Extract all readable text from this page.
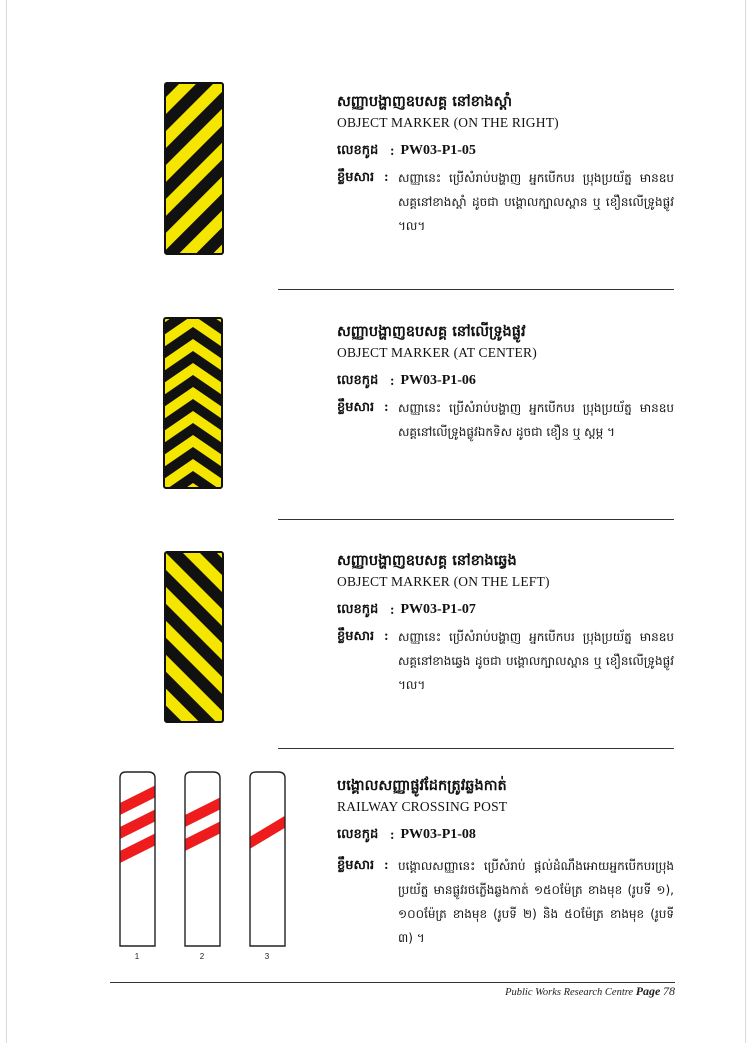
សញ្ញាបង្ហាញឧបសគ្គ នៅខាងស្តាំ
OBJECT MARKER (ON THE RIGHT)
លេខកូដ : PW03-P1-05
ខ្លឹមសារ : សញ្ញានេះ ប្រើសំរាប់បង្ហាញ អ្នកបើកបរ ប្រុងប្រយ័ត្ន មានឧបសគ្គនៅខាងស្តាំ ដូចជា បង្គោលក្បាលស្ពាន ឬ ខឿនលើទ្រូងផ្លូវ ។ល។
សញ្ញាបង្ហាញឧបសគ្គ នៅលើទ្រូងផ្លូវ
OBJECT MARKER (AT CENTER)
លេខកូដ : PW03-P1-06
ខ្លឹមសារ : សញ្ញានេះ ប្រើសំរាប់បង្ហាញ អ្នកបើកបរ ប្រុងប្រយ័ត្ន មានឧបសគ្គនៅលើទ្រូងផ្លូវឯកទិស ដូចជា ខឿន ឬ ស្តម្ភ ។
សញ្ញាបង្ហាញឧបសគ្គ នៅខាងឆ្វេង
OBJECT MARKER (ON THE LEFT)
លេខកូដ : PW03-P1-07
ខ្លឹមសារ : សញ្ញានេះ ប្រើសំរាប់បង្ហាញ អ្នកបើកបរ ប្រុងប្រយ័ត្ន មានឧបសគ្គនៅខាងឆ្វេង ដូចជា បង្គោលក្បាលស្ពាន ឬ ខឿនលើទ្រូងផ្លូវ ។ល។
1	2	3
បង្គោលសញ្ញាផ្លូវដែកត្រូវឆ្លងកាត់
RAILWAY CROSSING POST
លេខកូដ : PW03-P1-08
ខ្លឹមសារ : បង្គោលសញ្ញានេះ ប្រើសំរាប់ ផ្តល់ដំណឹងអោយអ្នកបើកបរប្រុងប្រយ័ត្ន មានផ្លូវរថភ្លើងឆ្លងកាត់ ១៥០ម៉ែត្រ ខាងមុខ (រូបទី ១), ១០០ម៉ែត្រ ខាងមុខ (រូបទី ២) និង ៥០ម៉ែត្រ ខាងមុខ (រូបទី ៣) ។
Public Works Research Centre Page 78
